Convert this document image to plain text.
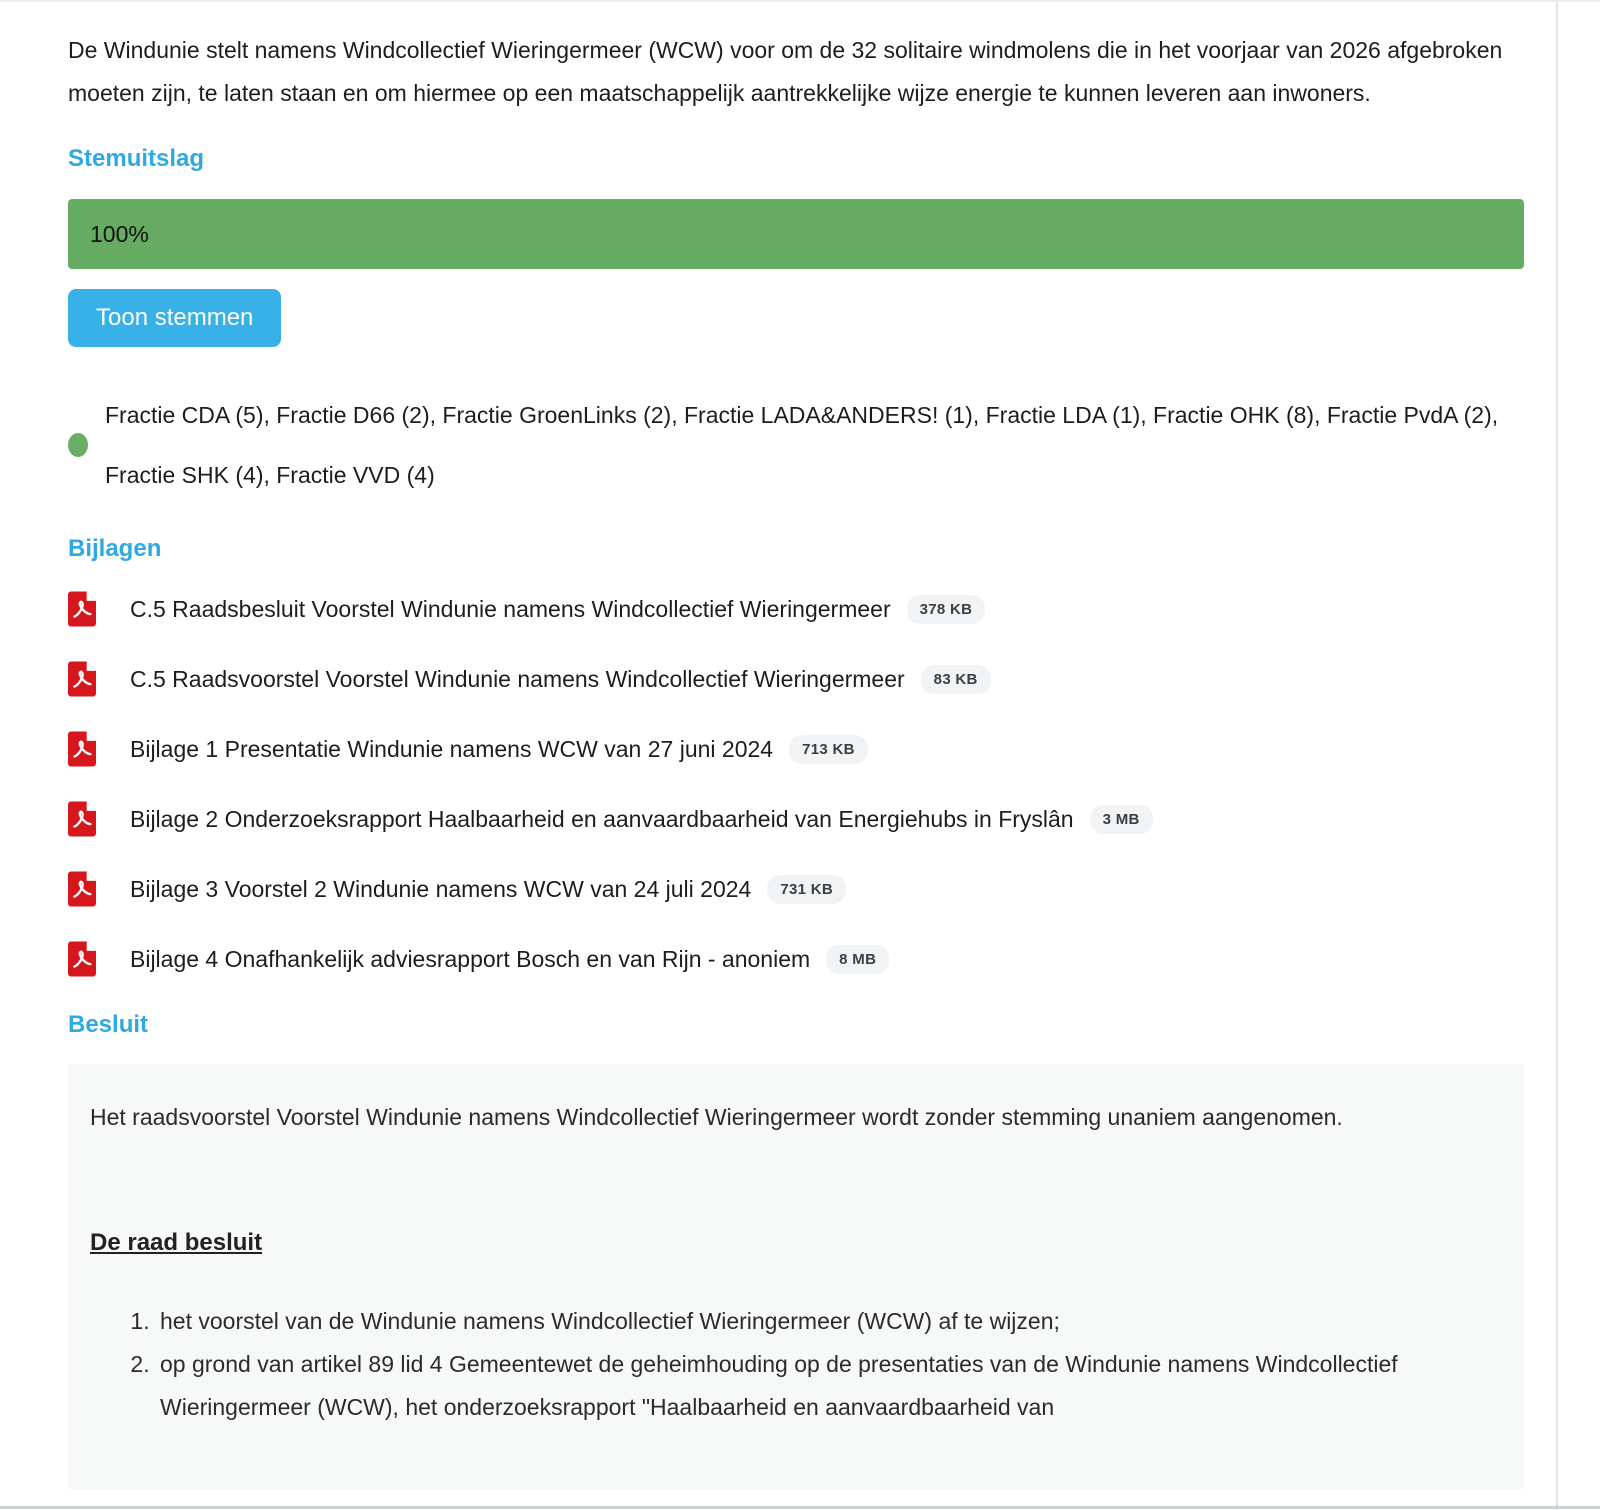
De Windunie stelt namens Windcollectief Wieringermeer (WCW) voor om de 32 solitaire windmolens die in het voorjaar van 2026 afgebroken moeten zijn, te laten staan en om hiermee op een maatschappelijk aantrekkelijke wijze energie te kunnen leveren aan inwoners.

Stemuitslag
100%
Toon stemmen
Fractie CDA (5), Fractie D66 (2), Fractie GroenLinks (2), Fractie LADA&ANDERS! (1), Fractie LDA (1), Fractie OHK (8), Fractie PvdA (2), Fractie SHK (4), Fractie VVD (4)
Bijlagen
C.5 Raadsbesluit Voorstel Windunie namens Windcollectief Wieringermeer	378 KB
C.5 Raadsvoorstel Voorstel Windunie namens Windcollectief Wieringermeer	83 KB
Bijlage 1 Presentatie Windunie namens WCW van 27 juni 2024	713 KB
Bijlage 2 Onderzoeksrapport Haalbaarheid en aanvaardbaarheid van Energiehubs in Fryslân	3 MB
Bijlage 3 Voorstel 2 Windunie namens WCW van 24 juli 2024	731 KB
Bijlage 4 Onafhankelijk adviesrapport Bosch en van Rijn - anoniem	8 MB
Besluit

Het raadsvoorstel Voorstel Windunie namens Windcollectief Wieringermeer wordt zonder stemming unaniem aangenomen.

De raad besluit
1. het voorstel van de Windunie namens Windcollectief Wieringermeer (WCW) af te wijzen;
2. op grond van artikel 89 lid 4 Gemeentewet de geheimhouding op de presentaties van de Windunie namens Windcollectief Wieringermeer (WCW), het onderzoeksrapport "Haalbaarheid en aanvaardbaarheid van
